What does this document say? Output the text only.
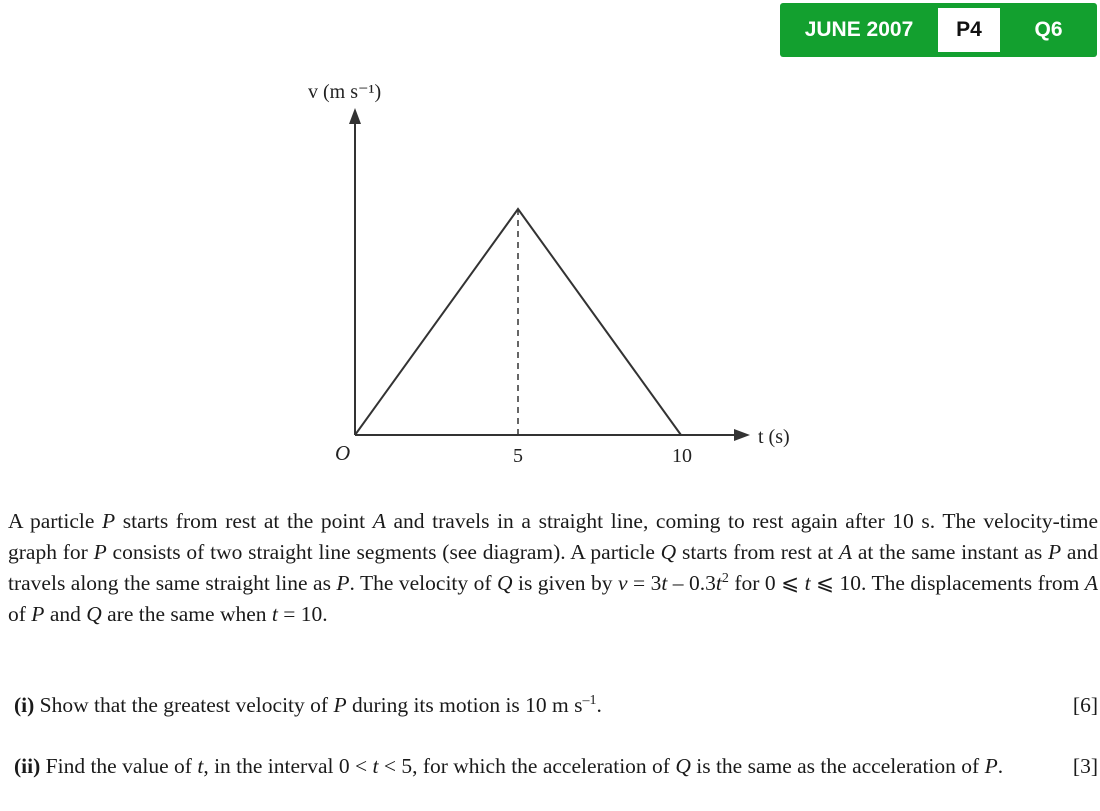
JUNE 2007	P4	Q6
v (m s⁻¹)
t (s)
O	5	10
A particle P starts from rest at the point A and travels in a straight line, coming to rest again after 10 s. The velocity-time graph for P consists of two straight line segments (see diagram). A particle Q starts from rest at A at the same instant as P and travels along the same straight line as P. The velocity of Q is given by $v = 3t - 0.3t^2$ for 0 ⩽ t ⩽ 10. The displacements from A of P and Q are the same when t = 10.
(i) Show that the greatest velocity of P during its motion is 10 m $s^{-1}$.	[6]
(ii) Find the value of t, in the interval 0 < t < 5, for which the acceleration of Q is the same as the acceleration of P.	[3]
